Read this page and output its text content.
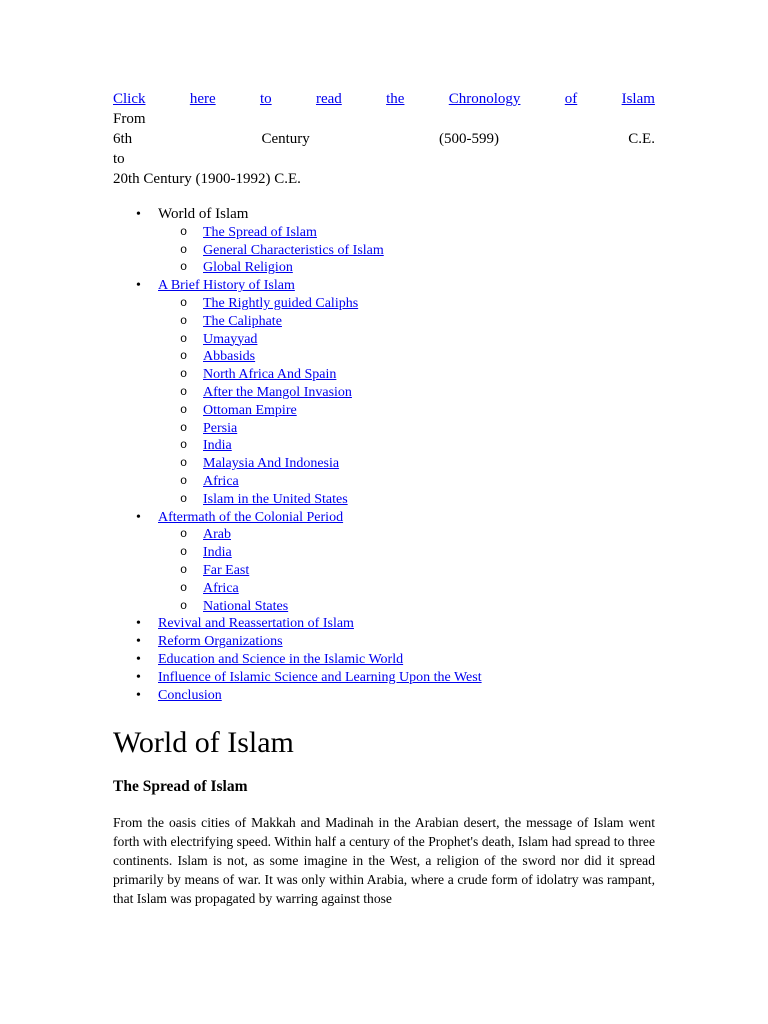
Click	here	to	read	the	Chronology	of	Islam
From
6th	Century	(500-599)	C.E.
to
20th Century (1900-1992) C.E.
• World of Islam
o The Spread of Islam
o General Characteristics of Islam
o Global Religion
• A Brief History of Islam
o The Rightly guided Caliphs
o The Caliphate
o Umayyad
o Abbasids
o North Africa And Spain
o After the Mangol Invasion
o Ottoman Empire
o Persia
o India
o Malaysia And Indonesia
o Africa
o Islam in the United States
• Aftermath of the Colonial Period
o Arab
o India
o Far East
o Africa
o National States
• Revival and Reassertation of Islam
• Reform Organizations
• Education and Science in the Islamic World
• Influence of Islamic Science and Learning Upon the West
• Conclusion
World of Islam
The Spread of Islam

From the oasis cities of Makkah and Madinah in the Arabian desert, the message of Islam went forth with electrifying speed. Within half a century of the Prophet's death, Islam had spread to three continents. Islam is not, as some imagine in the West, a religion of the sword nor did it spread primarily by means of war. It was only within Arabia, where a crude form of idolatry was rampant, that Islam was propagated by warring against those
